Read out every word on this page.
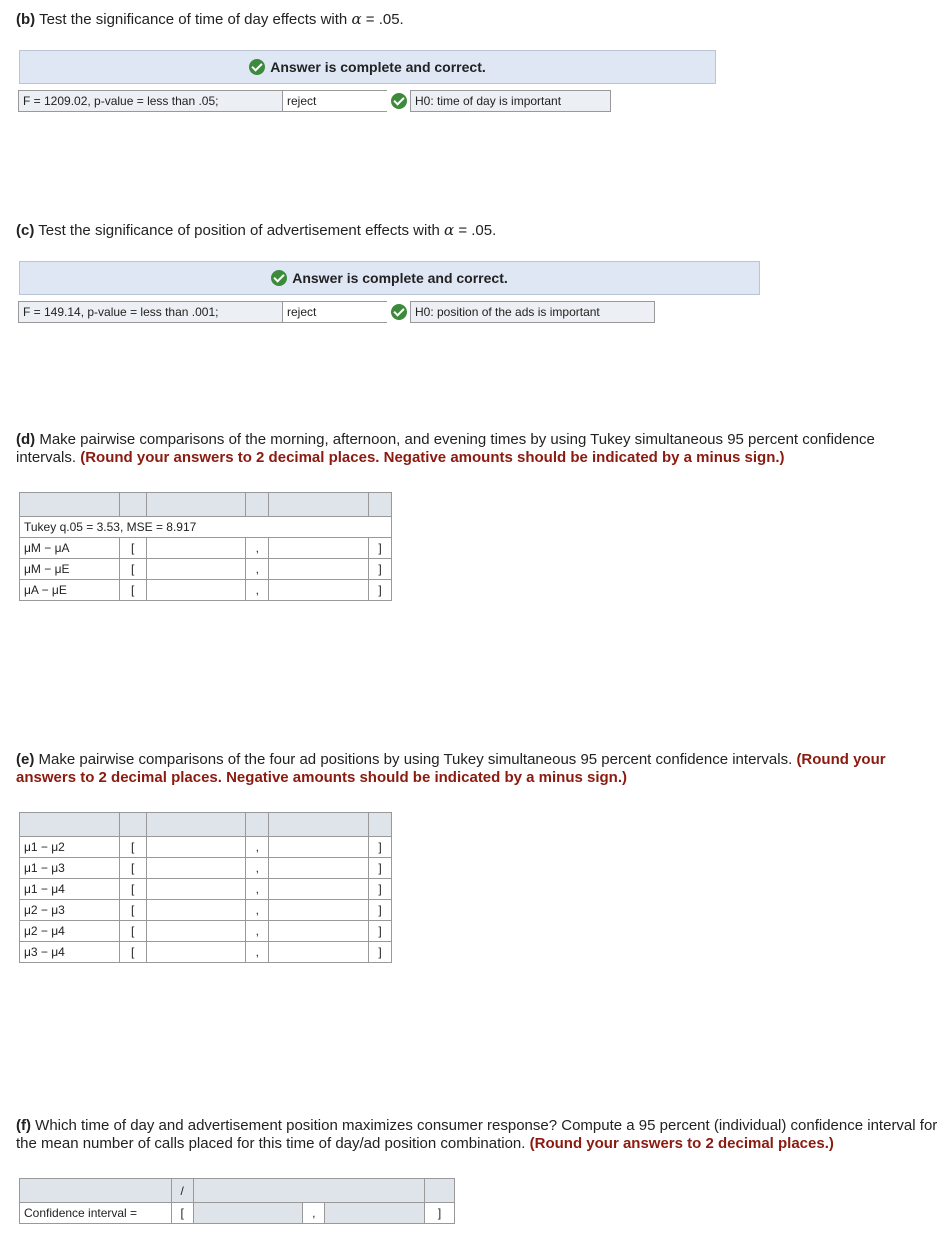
(b) Test the significance of time of day effects with α = .05.
Answer is complete and correct.
F = 1209.02, p-value = less than .05;	reject	H0: time of day is important
(c) Test the significance of position of advertisement effects with α = .05.
Answer is complete and correct.
F = 149.14, p-value = less than .001;	reject	H0: position of the ads is important
(d) Make pairwise comparisons of the morning, afternoon, and evening times by using Tukey simultaneous 95 percent confidence intervals. (Round your answers to 2 decimal places. Negative amounts should be indicated by a minus sign.)

Tukey q.05 = 3.53, MSE = 8.917					
μM − μA	[		,		]
μM − μE	[		,		]
μA − μE	[		,		]
(e) Make pairwise comparisons of the four ad positions by using Tukey simultaneous 95 percent confidence intervals. (Round your answers to 2 decimal places. Negative amounts should be indicated by a minus sign.)

μ1 − μ2	[		,		]
μ1 − μ3	[		,		]
μ1 − μ4	[		,		]
μ2 − μ3	[		,		]
μ2 − μ4	[		,		]
μ3 − μ4	[		,		]
(f) Which time of day and advertisement position maximizes consumer response? Compute a 95 percent (individual) confidence interval for the mean number of calls placed for this time of day/ad position combination. (Round your answers to 2 decimal places.)
	/				
Confidence interval =	[		,		]
